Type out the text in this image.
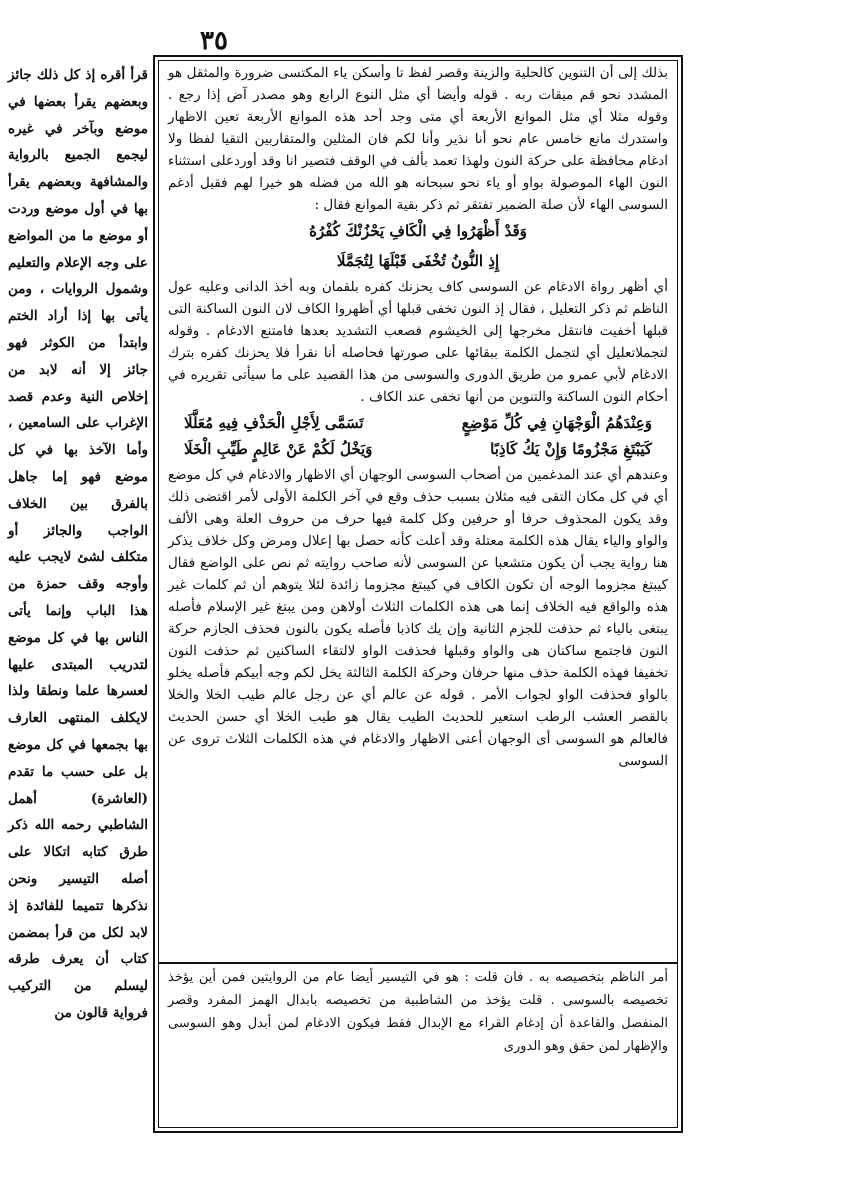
٣٥

بذلك إلى أن التنوين كالحلية والزينة وقصر لفظ تا وأسكن ياء المكتسى ضرورة والمثقل هو المشدد نحو قم ميقات ربه . قوله وأيضا أي مثل النوع الرابع وهو مصدر آض إذا رجع . وقوله مثلا أي مثل الموانع الأربعة أي متى وجد أحد هذه الموانع الأربعة تعين الاظهار واستدرك مانع خامس عام نحو أنا نذير وأنا لكم فان المثلين والمتقاربين التقيا لفظا ولا ادغام محافظة على حركة النون ولهذا تعمد بألف في الوقف فتصير انا وقد أوردعلى استثناء النون الهاء الموصولة بواو أو ياء نحو سبحانه هو الله من فضله هو خيرا لهم فقيل أدغم السوسى الهاء لأن صلة الضمير تفتقر ثم ذكر بقية الموانع فقال :

وَقَدْ أَظْهَرُوا فِي الْكَافِ يَحْزُنْكَ كُفْرُهُ
إِذِ النُّونُ تُخْفَى قَبْلَهَا لِتُجَمَّلَا

أي أظهر رواة الادغام عن السوسى كاف يحزنك كفره بلقمان وبه أخذ الدانى وعليه عول الناظم ثم ذكر التعليل ، فقال إذ النون تخفى قبلها أي أظهروا الكاف لان النون الساكنة التى قبلها أخفيت فانتقل مخرجها إلى الخيشوم فصعب التشديد بعدها فامتنع الادغام . وقوله لتجملاتعليل أي لتجمل الكلمة ببقائها على صورتها فحاصله أنا نقرأ فلا يحزنك كفره بترك الادغام لأبي عمرو من طريق الدورى والسوسى من هذا القصيد على ما سيأتى تقريره في أحكام النون الساكنة والتنوين من أنها تخفى عند الكاف .

وَعِنْدَهُمُ الْوَجْهَانِ فِي كُلِّ مَوْضِعٍ
تَسَمَّى لِأَجْلِ الْحَذْفِ فِيهِ مُعَلَّلَا
كَيَبْتَغِ مَجْزُومًا وَإِنْ يَكُ كَاذِبًا
وَيَخْلُ لَكُمْ عَنْ عَالِمٍ طَيِّبِ الْخَلَا

وعندهم أي عند المدغمين من أصحاب السوسى الوجهان أي الاظهار والادغام في كل موضع أي في كل مكان التقى فيه مثلان بسبب حذف وقع في آخر الكلمة الأولى لأمر اقتضى ذلك وقد يكون المحذوف حرفا أو حرفين وكل كلمة فيها حرف من حروف العلة وهى الألف والواو والياء يقال هذه الكلمة معتلة وقد أعلت كأنه حصل بها إعلال ومرض وكل خلاف يذكر هنا رواية يجب أن يكون متشعبا عن السوسى لأنه صاحب روايته ثم نص على الواضع فقال كيبتغ مجزوما الوجه أن تكون الكاف في كيبتغ مجزوما زائدة لئلا يتوهم أن ثم كلمات غير هذه والواقع فيه الخلاف إنما هى هذه الكلمات الثلاث أولاهن ومن يبتغ غير الإسلام فأصله يبتغى بالياء ثم حذفت للجزم الثانية وإن يك كاذبا فأصله يكون بالنون فحذف الجازم حركة النون فاجتمع ساكنان هى والواو وقبلها فحذفت الواو لالتقاء الساكنين ثم حذفت النون تخفيفا فهذه الكلمة حذف منها حرفان وحركة الكلمة الثالثة يخل لكم وجه أبيكم فأصله يخلو بالواو فحذفت الواو لجواب الأمر . قوله عن عالم أي عن رجل عالم طيب الخلا والخلا بالقصر العشب الرطب استعير للحديث الطيب يقال هو طيب الخلا أي حسن الحديث فالعالم هو السوسى أى الوجهان أعنى الاظهار والادغام في هذه الكلمات الثلاث تروى عن السوسى

أمر الناظم بتخصيصه به . فان قلت : هو في التيسير أيضا عام من الروايتين فمن أين يؤخذ تخصيصه بالسوسى . قلت يؤخذ من الشاطبية من تخصيصه بابدال الهمز المفرد وقصر المنفصل والقاعدة أن إدغام القراء مع الإبدال فقط فيكون الادغام لمن أبدل وهو السوسى والإظهار لمن حقق وهو الدورى

قرأ أقره إذ كل ذلك جائز وبعضهم يقرأ بعضها في موضع وبآخر في غيره ليجمع الجميع بالرواية والمشافهة وبعضهم يقرأ بها في أول موضع وردت أو موضع ما من المواضع على وجه الإعلام والتعليم وشمول الروايات ، ومن يأتى بها إذا أراد الختم وابتدأ من الكوثر فهو جائز إلا أنه لابد من إخلاص النية وعدم قصد الإغراب على السامعين ، وأما الآخذ بها في كل موضع فهو إما جاهل بالفرق بين الخلاف الواجب والجائز أو متكلف لشئ لايجب عليه وأوجه وقف حمزة من هذا الباب وإنما يأتى الناس بها في كل موضع لتدريب المبتدى عليها لعسرها علما ونطقا ولذا لايكلف المنتهى العارف بها بجمعها في كل موضع بل على حسب ما تقدم (العاشرة) أهمل الشاطبي رحمه الله ذكر طرق كتابه اتكالا على أصله التيسير ونحن نذكرها تتميما للفائدة إذ لابد لكل من قرأ بمضمن كتاب أن يعرف طرقه ليسلم من التركيب فرواية قالون من
